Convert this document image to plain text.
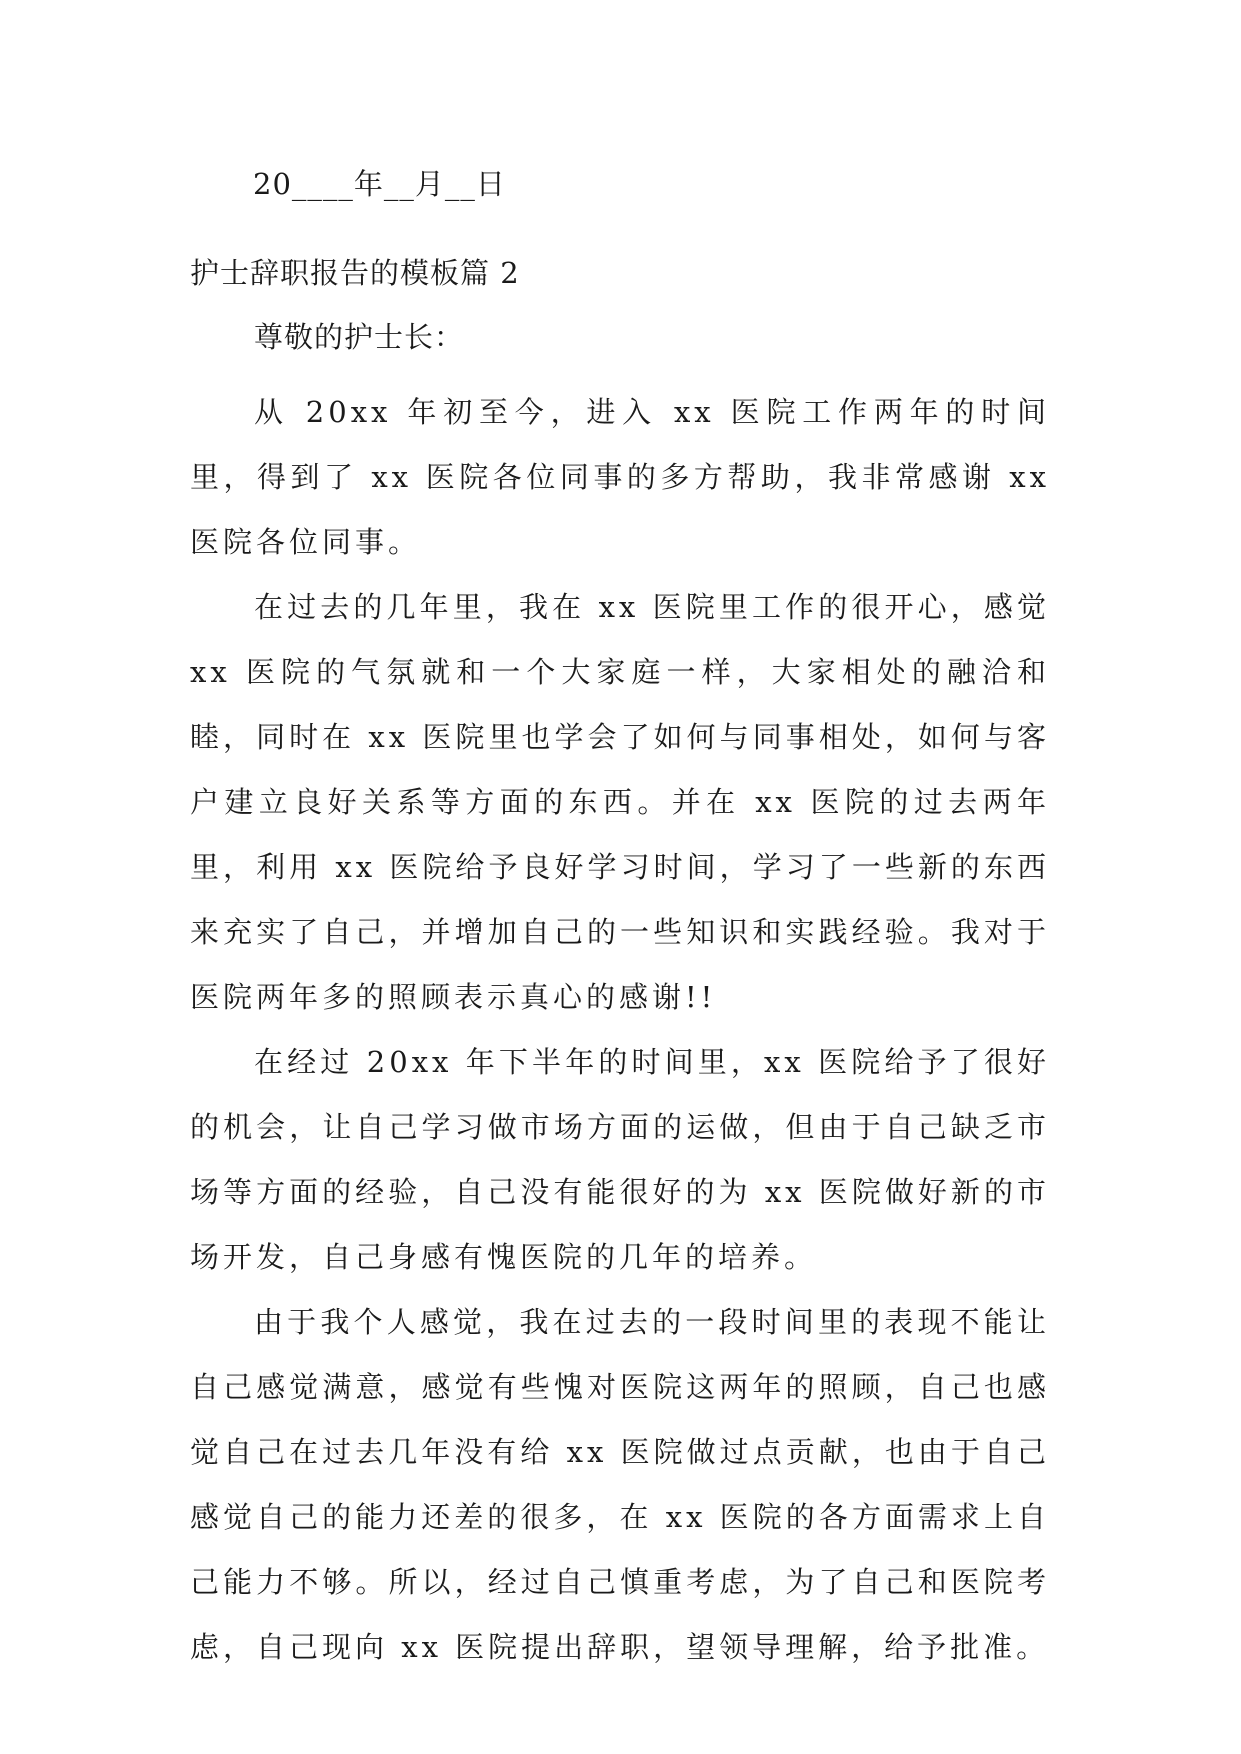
20____年__月__日
护士辞职报告的模板篇 2
尊敬的护士长：

从 20xx 年初至今，进入 xx 医院工作两年的时间里，得到了 xx 医院各位同事的多方帮助，我非常感谢 xx 医院各位同事。

在过去的几年里，我在 xx 医院里工作的很开心，感觉 xx 医院的气氛就和一个大家庭一样，大家相处的融洽和睦，同时在 xx 医院里也学会了如何与同事相处，如何与客户建立良好关系等方面的东西。并在 xx 医院的过去两年里，利用 xx 医院给予良好学习时间，学习了一些新的东西来充实了自己，并增加自己的一些知识和实践经验。我对于医院两年多的照顾表示真心的感谢!!

在经过 20xx 年下半年的时间里，xx 医院给予了很好的机会，让自己学习做市场方面的运做，但由于自己缺乏市场等方面的经验，自己没有能很好的为 xx 医院做好新的市场开发，自己身感有愧医院的几年的培养。

由于我个人感觉，我在过去的一段时间里的表现不能让自己感觉满意，感觉有些愧对医院这两年的照顾，自己也感觉自己在过去几年没有给 xx 医院做过点贡献，也由于自己感觉自己的能力还差的很多，在 xx 医院的各方面需求上自己能力不够。所以，经过自己慎重考虑，为了自己和医院考虑，自己现向 xx 医院提出辞职，望领导理解，给予批准。
